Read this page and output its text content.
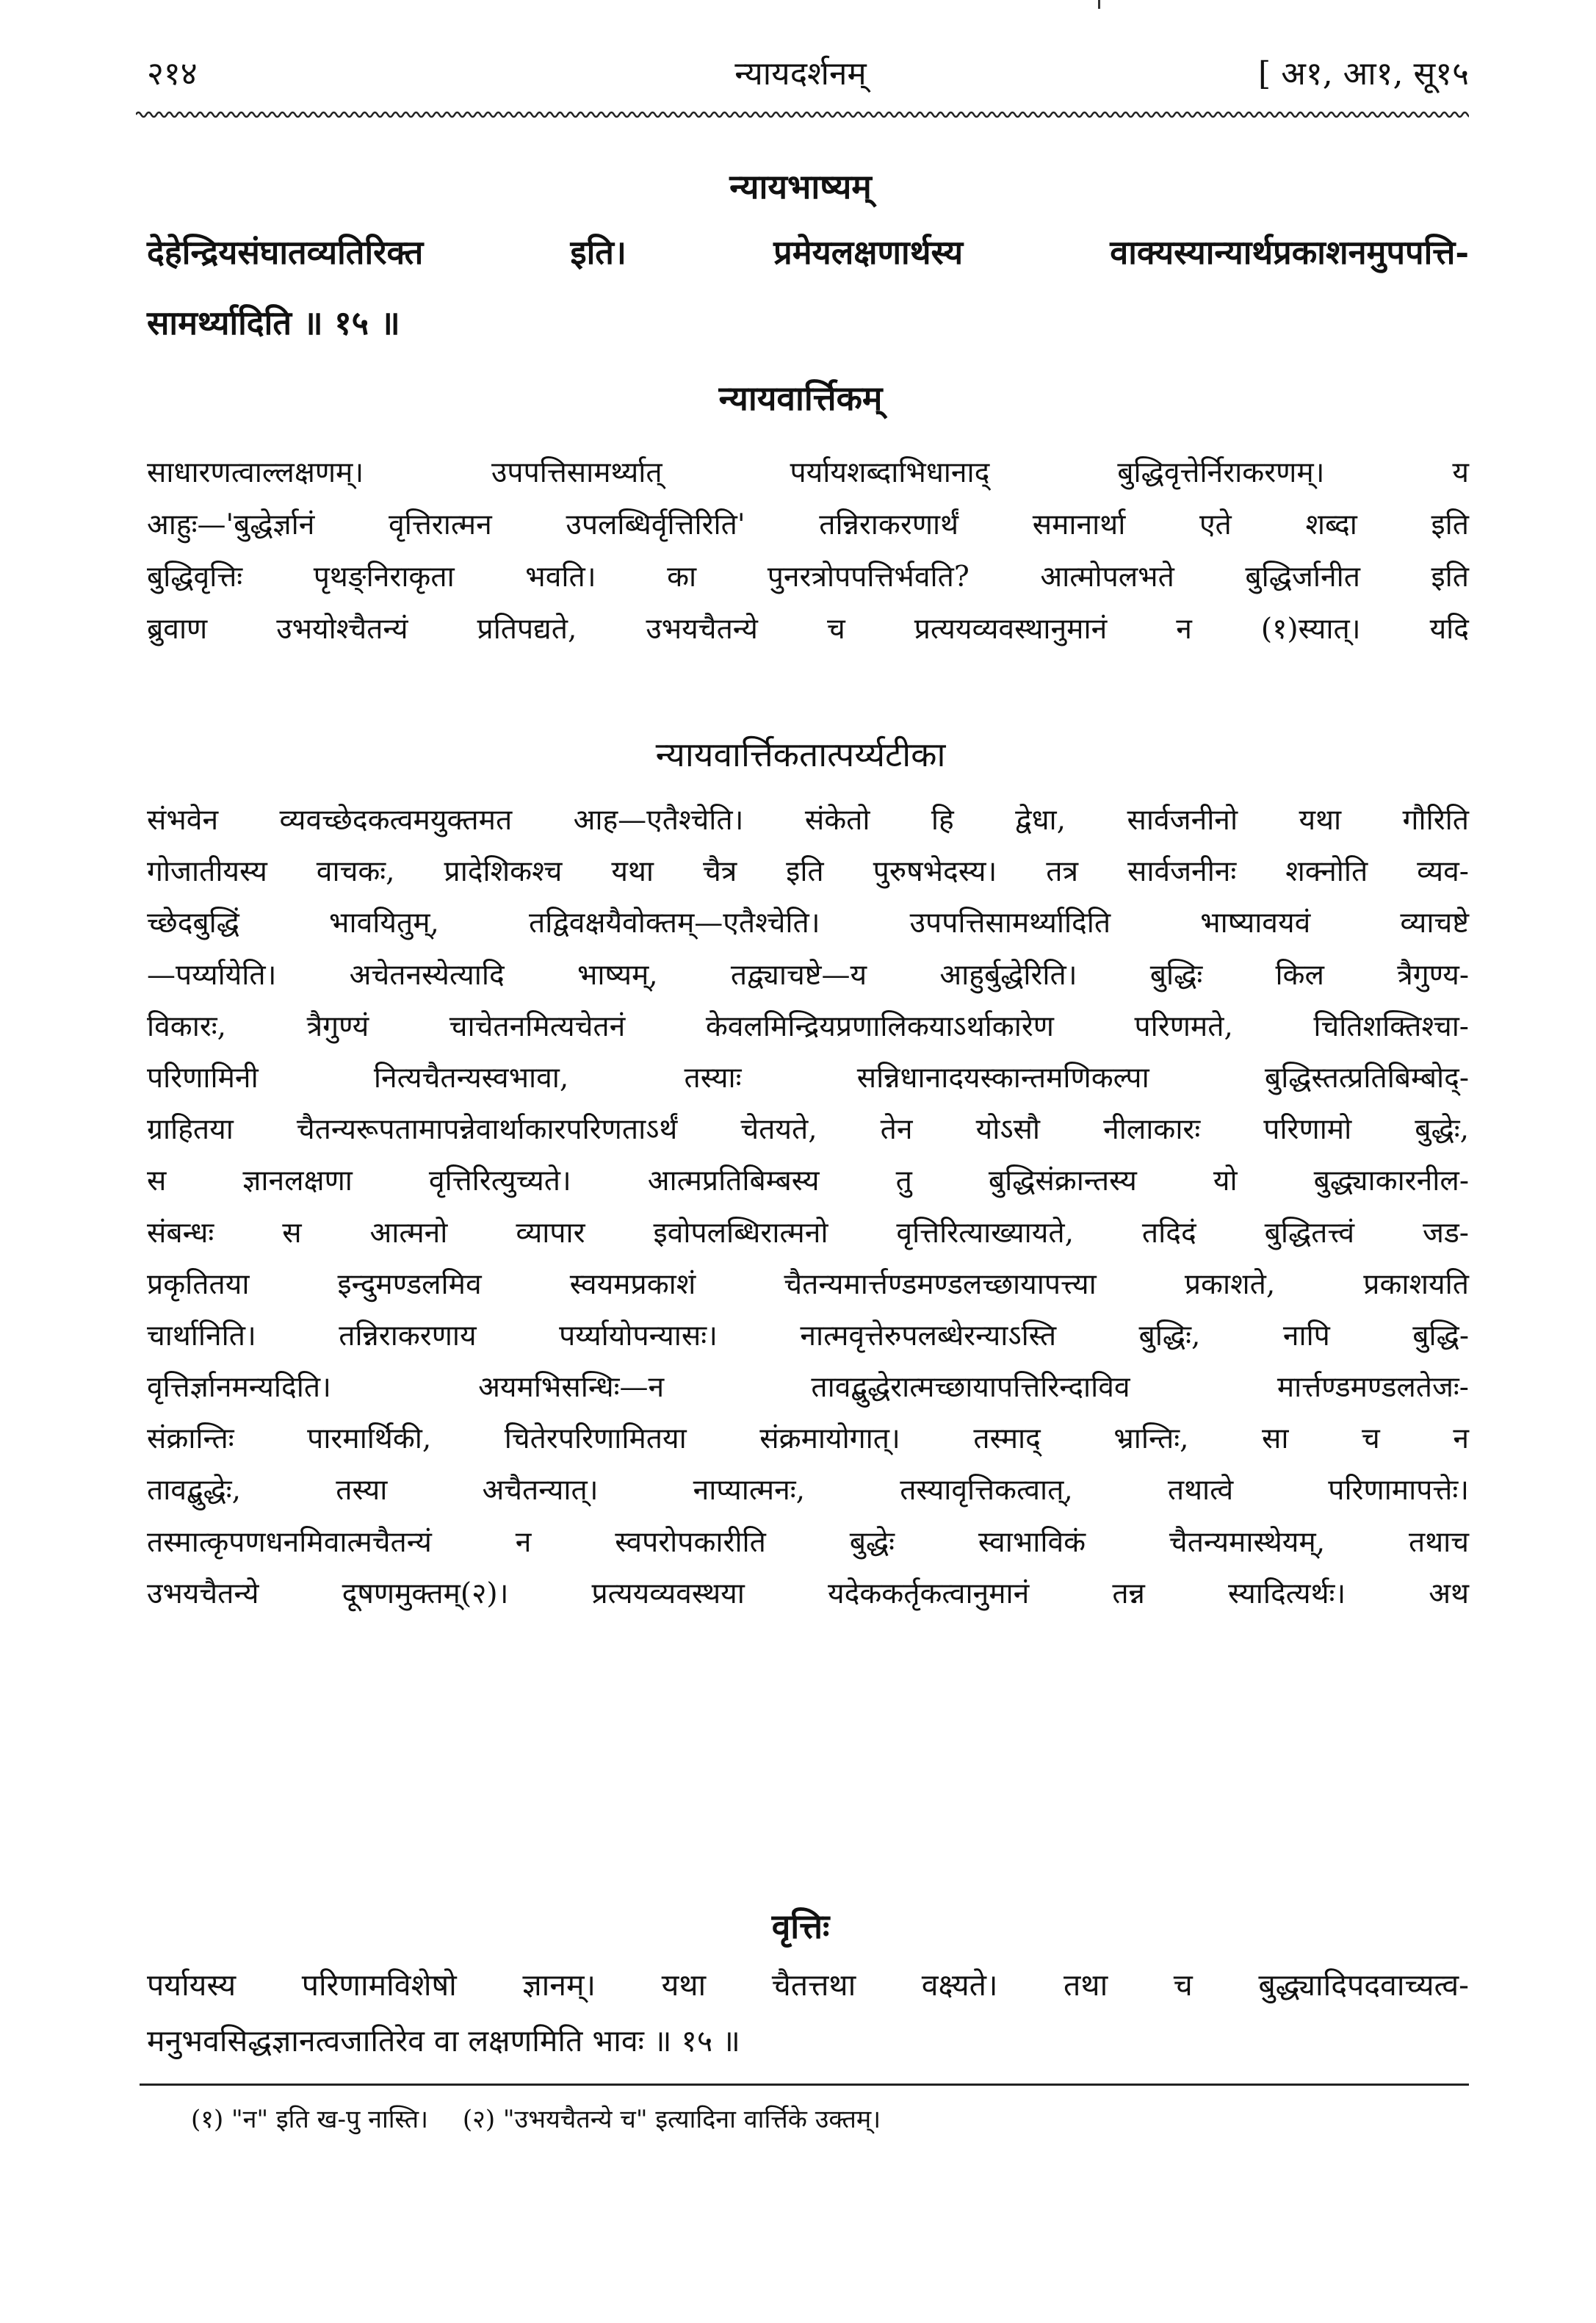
२१४	न्यायदर्शनम्	[ अ१, आ१, सू१५
न्यायभाष्यम्
देहेन्द्रियसंघातव्यतिरिक्त इति। प्रमेयलक्षणार्थस्य वाक्यस्यान्यार्थप्रकाशनमुपपत्ति-
सामर्थ्यादिति ॥ १५ ॥
न्यायवार्त्तिकम्
साधारणत्वाल्लक्षणम्। उपपत्तिसामर्थ्यात् पर्यायशब्दाभिधानाद् बुद्धिवृत्तेर्निराकरणम्। य
आहुः—'बुद्धेर्ज्ञानं वृत्तिरात्मन उपलब्धिर्वृत्तिरिति' तन्निराकरणार्थं समानार्था एते शब्दा इति
बुद्धिवृत्तिः पृथङ्निराकृता भवति। का पुनरत्रोपपत्तिर्भवति? आत्मोपलभते बुद्धिर्जानीत इति
ब्रुवाण उभयोश्चैतन्यं प्रतिपद्यते, उभयचैतन्ये च प्रत्ययव्यवस्थानुमानं न (१)स्यात्। यदि
न्यायवार्त्तिकतात्पर्य्यटीका
संभवेन व्यवच्छेदकत्वमयुक्तमत आह—एतैश्चेति। संकेतो हि द्वेधा, सार्वजनीनो यथा गौरिति
गोजातीयस्य वाचकः, प्रादेशिकश्च यथा चैत्र इति पुरुषभेदस्य। तत्र सार्वजनीनः शक्नोति व्यव-
च्छेदबुद्धिं भावयितुम्, तद्विवक्षयैवोक्तम्—एतैश्चेति। उपपत्तिसामर्थ्यादिति भाष्यावयवं व्याचष्टे
—पर्य्यायेति। अचेतनस्येत्यादि भाष्यम्, तद्व्याचष्टे—य आहुर्बुद्धेरिति। बुद्धिः किल त्रैगुण्य-
विकारः, त्रैगुण्यं चाचेतनमित्यचेतनं केवलमिन्द्रियप्रणालिकयाऽर्थाकारेण परिणमते, चितिशक्तिश्चा-
परिणामिनी नित्यचैतन्यस्वभावा, तस्याः सन्निधानादयस्कान्तमणिकल्पा बुद्धिस्तत्प्रतिबिम्बोद्-
ग्राहितया चैतन्यरूपतामापन्नेवार्थाकारपरिणताऽर्थं चेतयते, तेन योऽसौ नीलाकारः परिणामो बुद्धेः,
स ज्ञानलक्षणा वृत्तिरित्युच्यते। आत्मप्रतिबिम्बस्य तु बुद्धिसंक्रान्तस्य यो बुद्ध्याकारनील-
संबन्धः स आत्मनो व्यापार इवोपलब्धिरात्मनो वृत्तिरित्याख्यायते, तदिदं बुद्धितत्त्वं जड-
प्रकृतितया इन्दुमण्डलमिव स्वयमप्रकाशं चैतन्यमार्त्तण्डमण्डलच्छायापत्त्या प्रकाशते, प्रकाशयति
चार्थानिति। तन्निराकरणाय पर्य्यायोपन्यासः। नात्मवृत्तेरुपलब्धेरन्याऽस्ति बुद्धिः, नापि बुद्धि-
वृत्तिर्ज्ञानमन्यदिति। अयमभिसन्धिः—न तावद्बुद्धेरात्मच्छायापत्तिरिन्दाविव मार्त्तण्डमण्डलतेजः-
संक्रान्तिः पारमार्थिकी, चितेरपरिणामितया संक्रमायोगात्। तस्माद् भ्रान्तिः, सा च न
तावद्बुद्धेः, तस्या अचैतन्यात्। नाप्यात्मनः, तस्यावृत्तिकत्वात्, तथात्वे परिणामापत्तेः।
तस्मात्कृपणधनमिवात्मचैतन्यं न स्वपरोपकारीति बुद्धेः स्वाभाविकं चैतन्यमास्थेयम्, तथाच
उभयचैतन्ये दूषणमुक्तम्(२)। प्रत्ययव्यवस्थया यदेककर्तृकत्वानुमानं तन्न स्यादित्यर्थः। अथ
वृत्तिः
पर्यायस्य परिणामविशेषो ज्ञानम्। यथा चैतत्तथा वक्ष्यते। तथा च बुद्ध्यादिपदवाच्यत्व-
मनुभवसिद्धज्ञानत्वजातिरेव वा लक्षणमिति भावः ॥ १५ ॥
(१) "न" इति ख-पु नास्ति। (२) "उभयचैतन्ये च" इत्यादिना वार्त्तिके उक्तम्।
